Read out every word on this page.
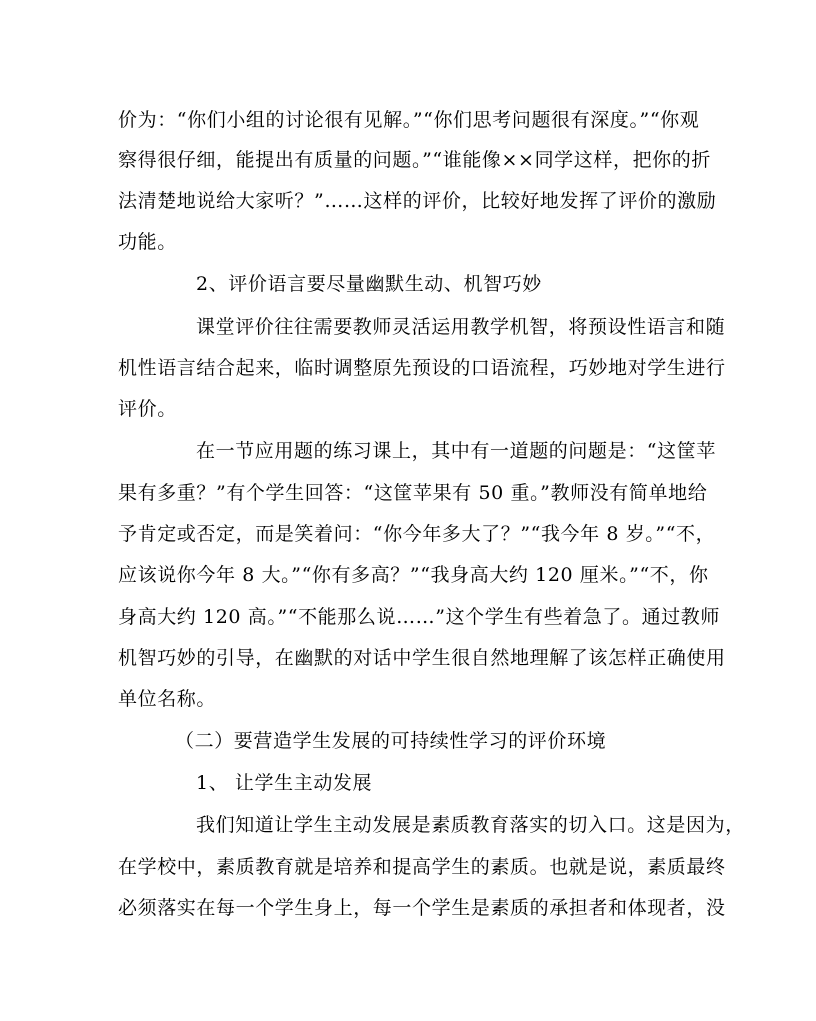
价为：“你们小组的讨论很有见解。”“你们思考问题很有深度。”“你观
察得很仔细，能提出有质量的问题。”“谁能像××同学这样，把你的折
法清楚地说给大家听？”……这样的评价，比较好地发挥了评价的激励
功能。
2、评价语言要尽量幽默生动、机智巧妙
课堂评价往往需要教师灵活运用教学机智，将预设性语言和随
机性语言结合起来，临时调整原先预设的口语流程，巧妙地对学生进行
评价。
在一节应用题的练习课上，其中有一道题的问题是：“这筐苹
果有多重？”有个学生回答：“这筐苹果有 50 重。”教师没有简单地给
予肯定或否定，而是笑着问：“你今年多大了？”“我今年 8 岁。”“不，
应该说你今年 8 大。”“你有多高？”“我身高大约 120 厘米。”“不，你
身高大约 120 高。”“不能那么说……”这个学生有些着急了。通过教师
机智巧妙的引导，在幽默的对话中学生很自然地理解了该怎样正确使用
单位名称。
（二）要营造学生发展的可持续性学习的评价环境
1、 让学生主动发展
我们知道让学生主动发展是素质教育落实的切入口。这是因为，
在学校中，素质教育就是培养和提高学生的素质。也就是说，素质最终
必须落实在每一个学生身上，每一个学生是素质的承担者和体现者，没
